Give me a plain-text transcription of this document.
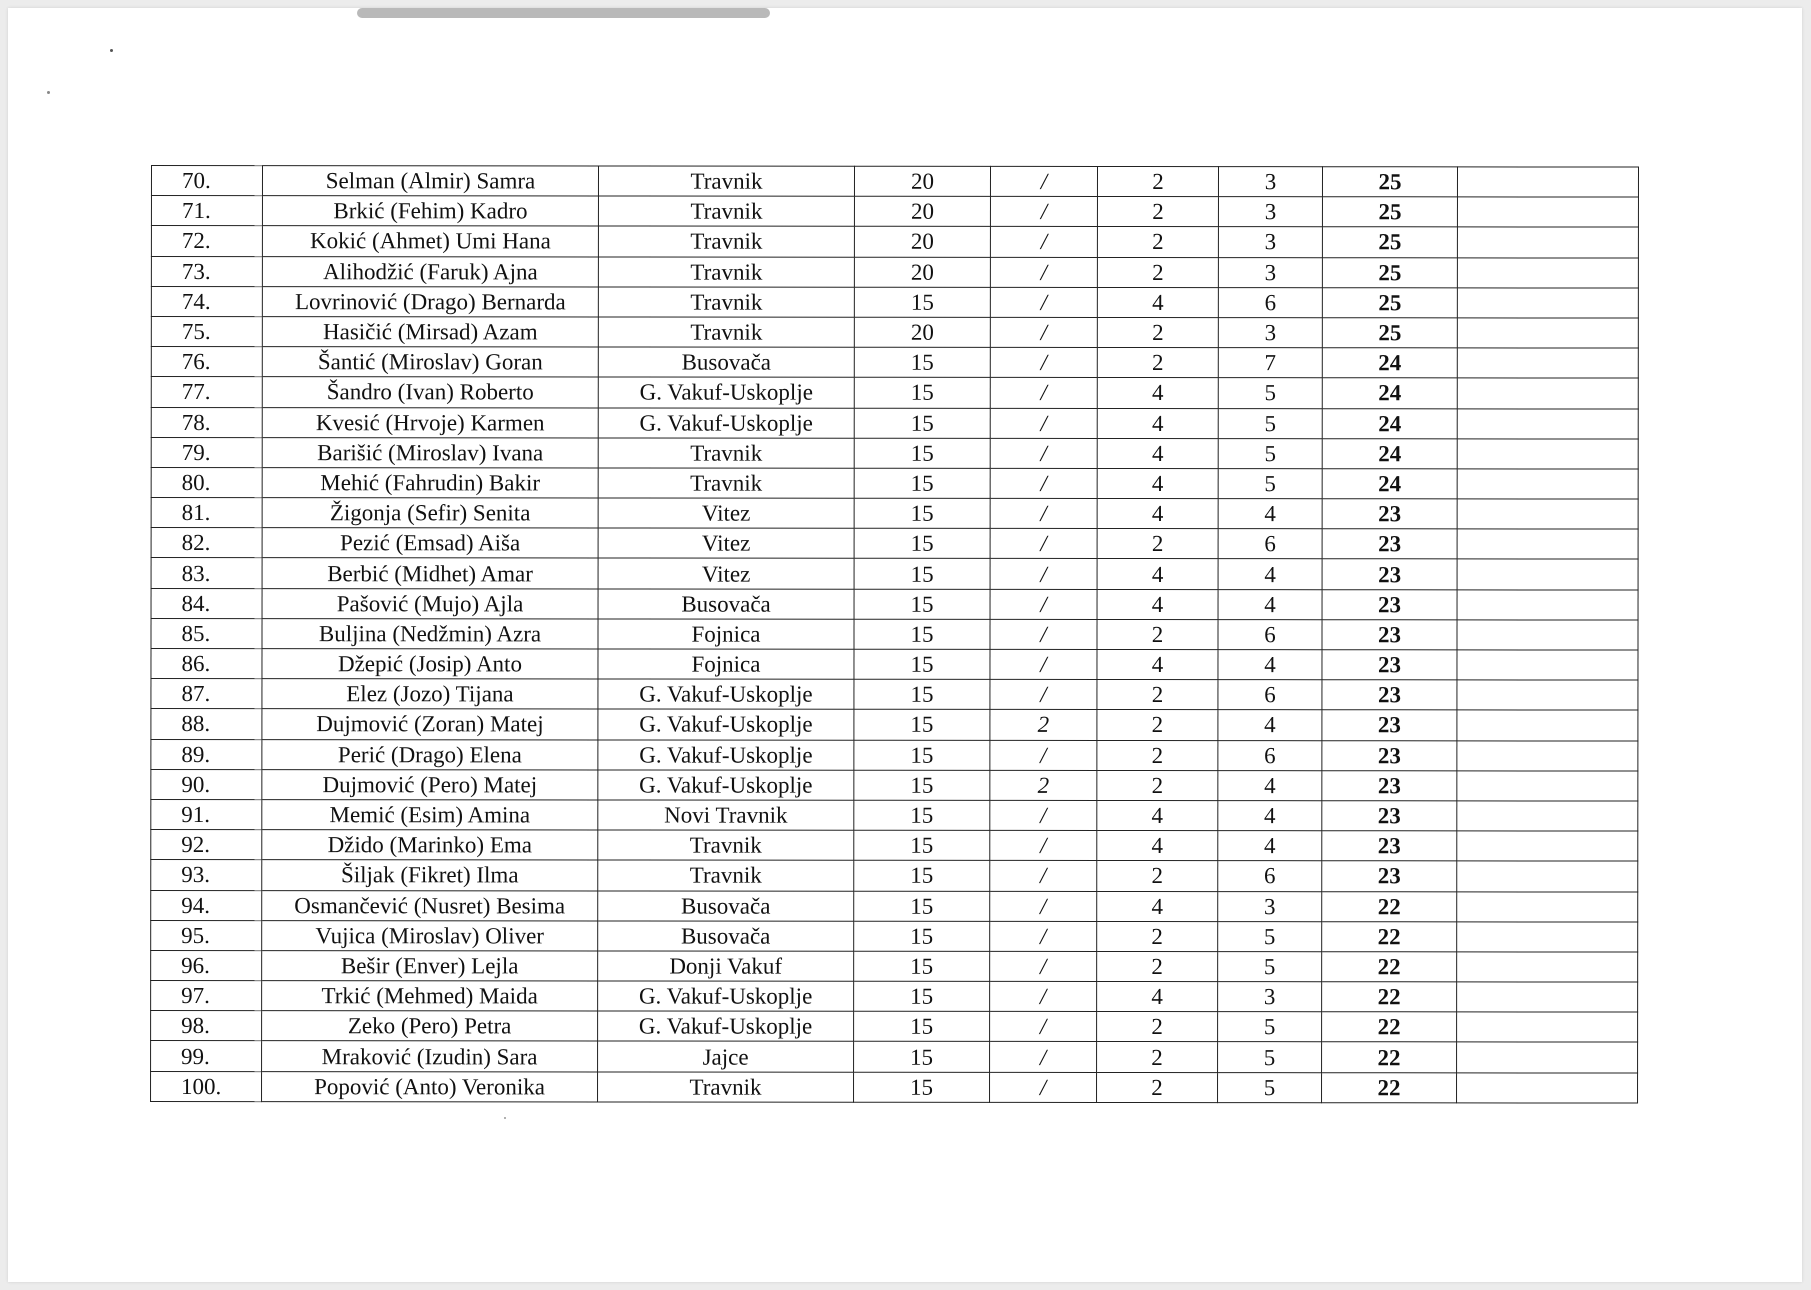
70.	Selman (Almir) Samra	Travnik	20	/	2	3	25	
71.	Brkić (Fehim) Kadro	Travnik	20	/	2	3	25	
72.	Kokić (Ahmet) Umi Hana	Travnik	20	/	2	3	25	
73.	Alihodžić (Faruk) Ajna	Travnik	20	/	2	3	25	
74.	Lovrinović (Drago) Bernarda	Travnik	15	/	4	6	25	
75.	Hasičić (Mirsad) Azam	Travnik	20	/	2	3	25	
76.	Šantić (Miroslav) Goran	Busovača	15	/	2	7	24	
77.	Šandro (Ivan) Roberto	G. Vakuf-Uskoplje	15	/	4	5	24	
78.	Kvesić (Hrvoje) Karmen	G. Vakuf-Uskoplje	15	/	4	5	24	
79.	Barišić (Miroslav) Ivana	Travnik	15	/	4	5	24	
80.	Mehić (Fahrudin) Bakir	Travnik	15	/	4	5	24	
81.	Žigonja (Sefir) Senita	Vitez	15	/	4	4	23	
82.	Pezić (Emsad) Aiša	Vitez	15	/	2	6	23	
83.	Berbić (Midhet) Amar	Vitez	15	/	4	4	23	
84.	Pašović (Mujo) Ajla	Busovača	15	/	4	4	23	
85.	Buljina (Nedžmin) Azra	Fojnica	15	/	2	6	23	
86.	Džepić (Josip) Anto	Fojnica	15	/	4	4	23	
87.	Elez (Jozo) Tijana	G. Vakuf-Uskoplje	15	/	2	6	23	
88.	Dujmović (Zoran) Matej	G. Vakuf-Uskoplje	15	2	2	4	23	
89.	Perić (Drago) Elena	G. Vakuf-Uskoplje	15	/	2	6	23	
90.	Dujmović (Pero) Matej	G. Vakuf-Uskoplje	15	2	2	4	23	
91.	Memić (Esim) Amina	Novi Travnik	15	/	4	4	23	
92.	Džido (Marinko) Ema	Travnik	15	/	4	4	23	
93.	Šiljak (Fikret) Ilma	Travnik	15	/	2	6	23	
94.	Osmančević (Nusret) Besima	Busovača	15	/	4	3	22	
95.	Vujica (Miroslav) Oliver	Busovača	15	/	2	5	22	
96.	Bešir (Enver) Lejla	Donji Vakuf	15	/	2	5	22	
97.	Trkić (Mehmed) Maida	G. Vakuf-Uskoplje	15	/	4	3	22	
98.	Zeko (Pero) Petra	G. Vakuf-Uskoplje	15	/	2	5	22	
99.	Mraković (Izudin) Sara	Jajce	15	/	2	5	22	
100.	Popović (Anto) Veronika	Travnik	15	/	2	5	22	
